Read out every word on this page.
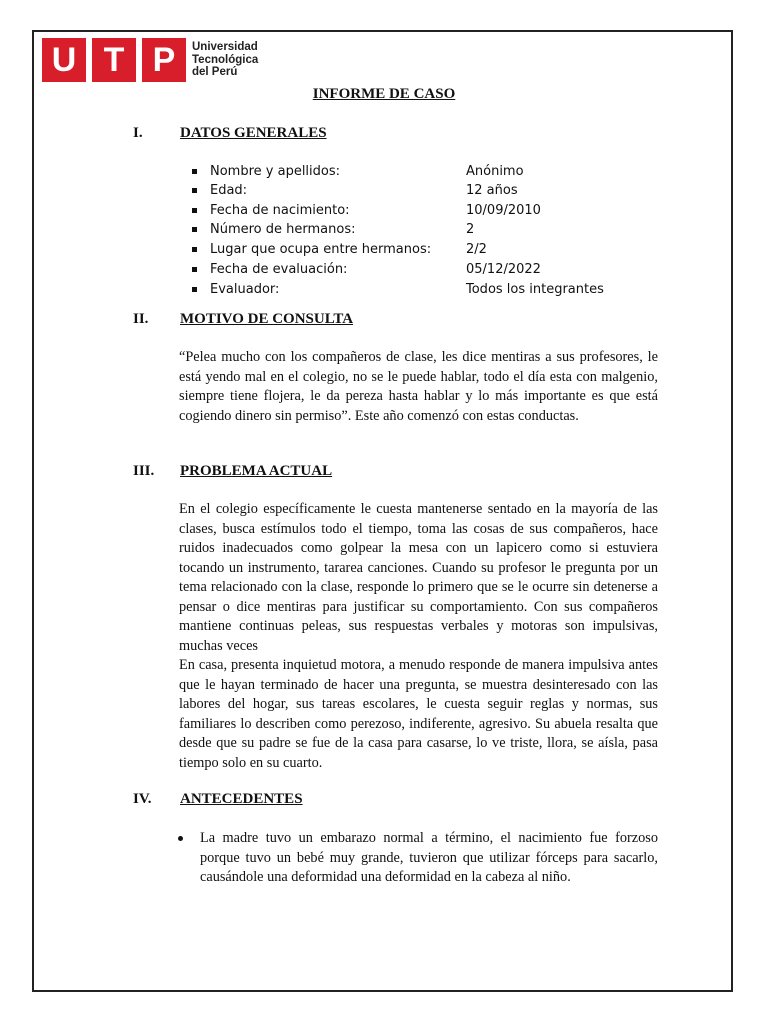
U T P	Universidad
Tecnológica
del Perú
INFORME DE CASO
I. DATOS GENERALES
Nombre y apellidos:	Anónimo
Edad:	12 años
Fecha de nacimiento:	10/09/2010
Número de hermanos:	2
Lugar que ocupa entre hermanos:	2/2
Fecha de evaluación:	05/12/2022
Evaluador:	Todos los integrantes
II. MOTIVO DE CONSULTA
“Pelea mucho con los compañeros de clase, les dice mentiras a sus profesores, le está yendo mal en el colegio, no se le puede hablar, todo el día esta con malgenio, siempre tiene flojera, le da pereza hasta hablar y lo más importante es que está cogiendo dinero sin permiso”. Este año comenzó con estas conductas.
III. PROBLEMA ACTUAL

En el colegio específicamente le cuesta mantenerse sentado en la mayoría de las clases, busca estímulos todo el tiempo, toma las cosas de sus compañeros, hace ruidos inadecuados como golpear la mesa con un lapicero como si estuviera tocando un instrumento, tararea canciones. Cuando su profesor le pregunta por un tema relacionado con la clase, responde lo primero que se le ocurre sin detenerse a pensar o dice mentiras para justificar su comportamiento. Con sus compañeros mantiene continuas peleas, sus respuestas verbales y motoras son impulsivas, muchas veces

En casa, presenta inquietud motora, a menudo responde de manera impulsiva antes que le hayan terminado de hacer una pregunta, se muestra desinteresado con las labores del hogar, sus tareas escolares, le cuesta seguir reglas y normas, sus familiares lo describen como perezoso, indiferente, agresivo. Su abuela resalta que desde que su padre se fue de la casa para casarse, lo ve triste, llora, se aísla, pasa tiempo solo en su cuarto.

IV. ANTECEDENTES
La madre tuvo un embarazo normal a término, el nacimiento fue forzoso porque tuvo un bebé muy grande, tuvieron que utilizar fórceps para sacarlo, causándole una deformidad una deformidad en la cabeza al niño.
